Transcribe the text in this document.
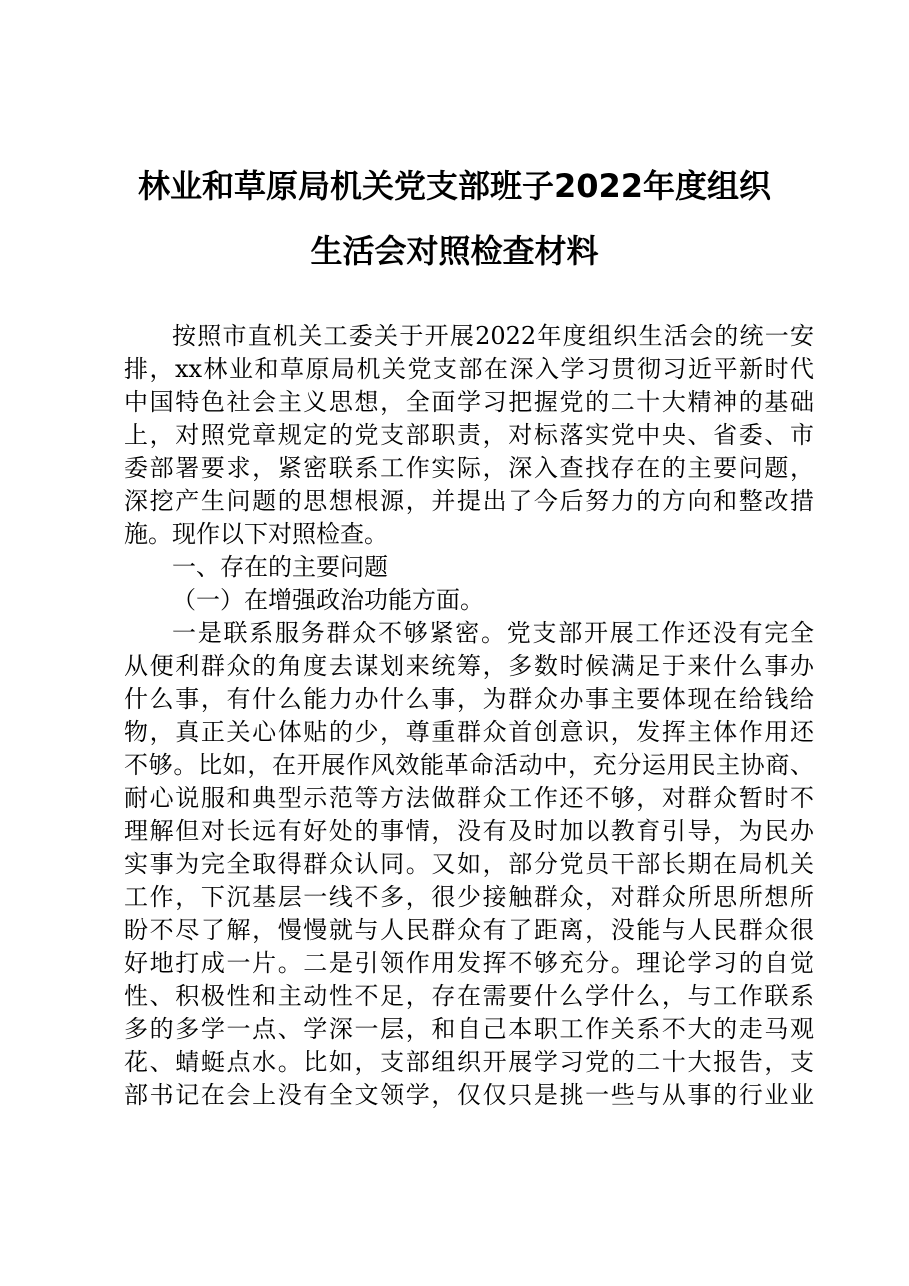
林业和草原局机关党支部班子2022年度组织
生活会对照检查材料
按照市直机关工委关于开展2022年度组织生活会的统一安
排，xx林业和草原局机关党支部在深入学习贯彻习近平新时代
中国特色社会主义思想，全面学习把握党的二十大精神的基础
上，对照党章规定的党支部职责，对标落实党中央、省委、市
委部署要求，紧密联系工作实际，深入查找存在的主要问题，
深挖产生问题的思想根源，并提出了今后努力的方向和整改措
施。现作以下对照检查。
一、存在的主要问题
（一）在增强政治功能方面。
一是联系服务群众不够紧密。党支部开展工作还没有完全
从便利群众的角度去谋划来统筹，多数时候满足于来什么事办
什么事，有什么能力办什么事，为群众办事主要体现在给钱给
物，真正关心体贴的少，尊重群众首创意识，发挥主体作用还
不够。比如，在开展作风效能革命活动中，充分运用民主协商、
耐心说服和典型示范等方法做群众工作还不够，对群众暂时不
理解但对长远有好处的事情，没有及时加以教育引导，为民办
实事为完全取得群众认同。又如，部分党员干部长期在局机关
工作，下沉基层一线不多，很少接触群众，对群众所思所想所
盼不尽了解，慢慢就与人民群众有了距离，没能与人民群众很
好地打成一片。二是引领作用发挥不够充分。理论学习的自觉
性、积极性和主动性不足，存在需要什么学什么，与工作联系
多的多学一点、学深一层，和自己本职工作关系不大的走马观
花、蜻蜓点水。比如，支部组织开展学习党的二十大报告，支
部书记在会上没有全文领学，仅仅只是挑一些与从事的行业业
